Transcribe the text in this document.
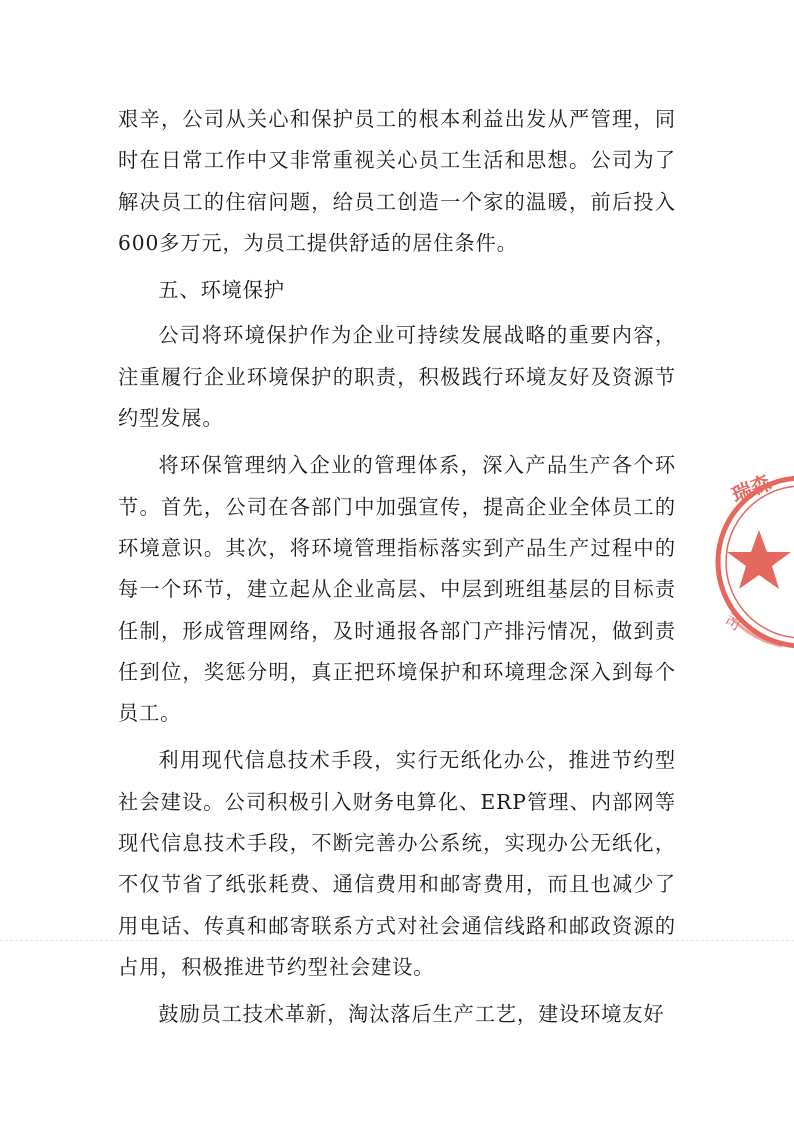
艰辛，公司从关心和保护员工的根本利益出发从严管理，同时在日常工作中又非常重视关心员工生活和思想。公司为了解决员工的住宿问题，给员工创造一个家的温暖，前后投入600多万元，为员工提供舒适的居住条件。

五、环境保护

公司将环境保护作为企业可持续发展战略的重要内容，注重履行企业环境保护的职责，积极践行环境友好及资源节约型发展。

将环保管理纳入企业的管理体系，深入产品生产各个环节。首先，公司在各部门中加强宣传，提高企业全体员工的环境意识。其次，将环境管理指标落实到产品生产过程中的每一个环节，建立起从企业高层、中层到班组基层的目标责任制，形成管理网络，及时通报各部门产排污情况，做到责任到位，奖惩分明，真正把环境保护和环境理念深入到每个员工。

利用现代信息技术手段，实行无纸化办公，推进节约型社会建设。公司积极引入财务电算化、ERP管理、内部网等现代信息技术手段，不断完善办公系统，实现办公无纸化，不仅节省了纸张耗费、通信费用和邮寄费用，而且也减少了用电话、传真和邮寄联系方式对社会通信线路和邮政资源的占用，积极推进节约型社会建设。

鼓励员工技术革新，淘汰落后生产工艺，建设环境友好

瑞森
司
